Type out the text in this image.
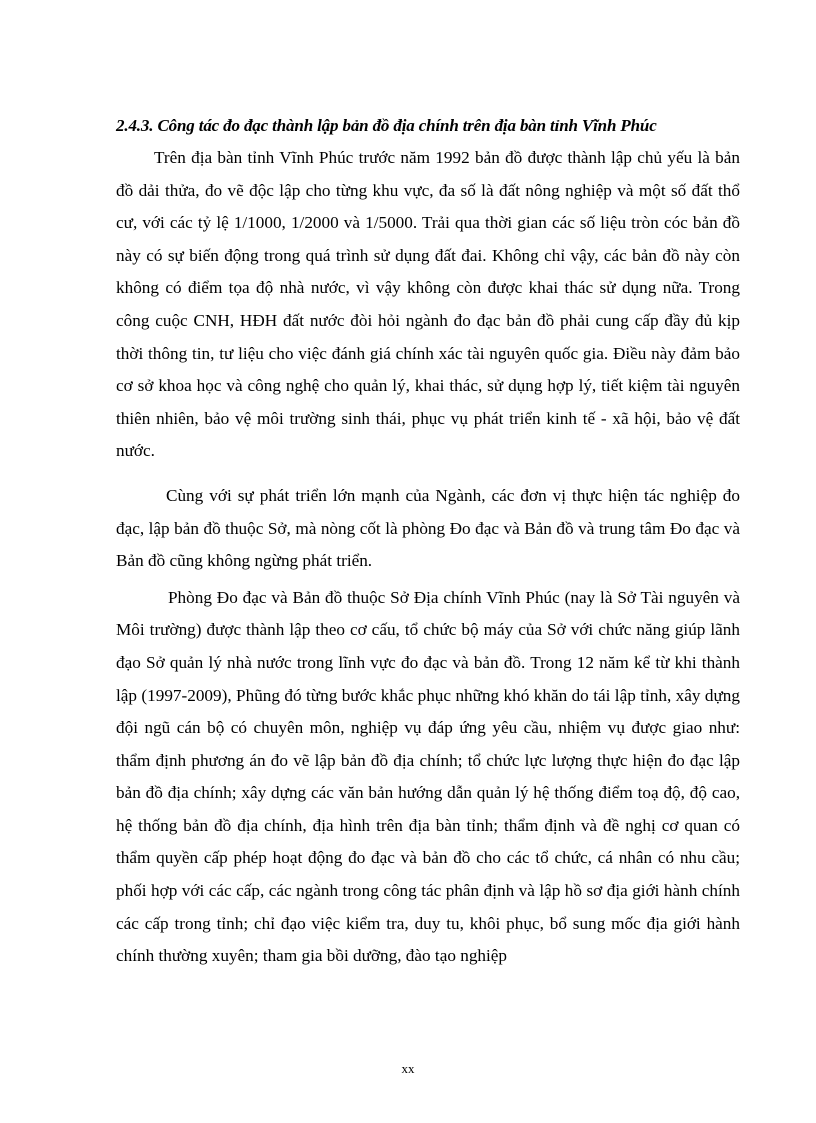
2.4.3. Công tác đo đạc thành lập bản đồ địa chính trên địa bàn tỉnh Vĩnh Phúc

Trên địa bàn tỉnh Vĩnh Phúc trước năm 1992 bản đồ được thành lập chủ yếu là bản đồ dải thửa, đo vẽ độc lập cho từng khu vực, đa số là đất nông nghiệp và một số đất thổ cư, với các tỷ lệ 1/1000, 1/2000 và 1/5000. Trải qua thời gian các số liệu tròn cóc bản đồ này có sự biến động trong quá trình sử dụng đất đai. Không chỉ vậy, các bản đồ này còn không có điểm tọa độ nhà nước, vì vậy không còn được khai thác sử dụng nữa. Trong công cuộc CNH, HĐH đất nước đòi hỏi ngành đo đạc bản đồ phải cung cấp đầy đủ kịp thời thông tin, tư liệu cho việc đánh giá chính xác tài nguyên quốc gia. Điều này đảm bảo cơ sở khoa học và công nghệ cho quản lý, khai thác, sử dụng hợp lý, tiết kiệm tài nguyên thiên nhiên, bảo vệ môi trường sinh thái, phục vụ phát triển kinh tế - xã hội, bảo vệ đất nước.

Cùng với sự phát triển lớn mạnh của Ngành, các đơn vị thực hiện tác nghiệp đo đạc, lập bản đồ thuộc Sở, mà nòng cốt là phòng Đo đạc và Bản đồ và trung tâm Đo đạc và Bản đồ cũng không ngừng phát triển.

Phòng Đo đạc và Bản đồ thuộc Sở Địa chính Vĩnh Phúc (nay là Sở Tài nguyên và Môi trường) được thành lập theo cơ cấu, tổ chức bộ máy của Sở với chức năng giúp lãnh đạo Sở quản lý nhà nước trong lĩnh vực đo đạc và bản đồ. Trong 12 năm kể từ khi thành lập (1997-2009), Phũng đó từng bước khắc phục những khó khăn do tái lập tỉnh, xây dựng đội ngũ cán bộ có chuyên môn, nghiệp vụ đáp ứng yêu cầu, nhiệm vụ được giao như: thẩm định phương án đo vẽ lập bản đồ địa chính; tổ chức lực lượng thực hiện đo đạc lập bản đồ địa chính; xây dựng các văn bản hướng dẫn quản lý hệ thống điểm toạ độ, độ cao, hệ thống bản đồ địa chính, địa hình trên địa bàn tỉnh; thẩm định và đề nghị cơ quan có thẩm quyền cấp phép hoạt động đo đạc và bản đồ cho các tổ chức, cá nhân có nhu cầu; phối hợp với các cấp, các ngành trong công tác phân định và lập hồ sơ địa giới hành chính các cấp trong tỉnh; chỉ đạo việc kiểm tra, duy tu, khôi phục, bổ sung mốc địa giới hành chính thường xuyên; tham gia bồi dưỡng, đào tạo nghiệp

xx
